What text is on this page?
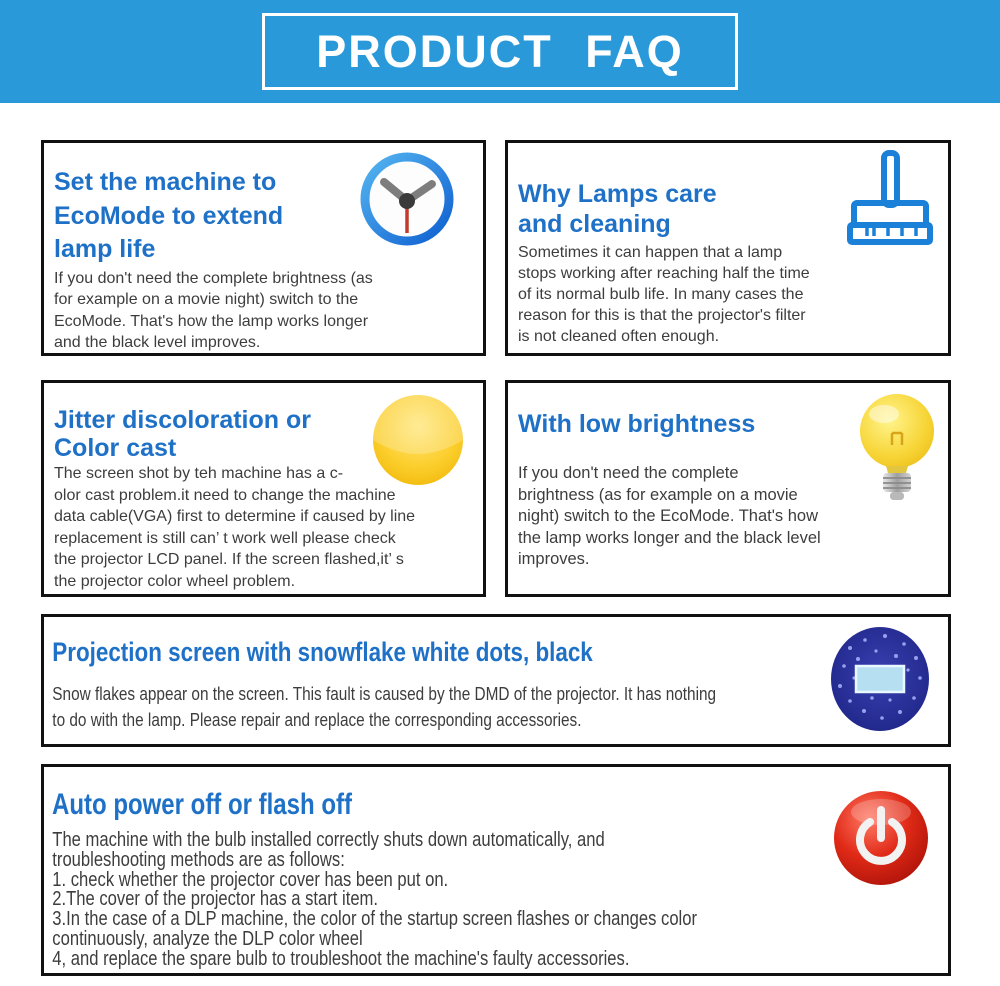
PRODUCT FAQ
Set the machine to
EcoMode to extend
lamp life
If you don't need the complete brightness (as
for example on a movie night) switch to the
EcoMode. That's how the lamp works longer
and the black level improves.
Why Lamps care
and cleaning
Sometimes it can happen that a lamp
stops working after reaching half the time
of its normal bulb life. In many cases the
reason for this is that the projector's filter
is not cleaned often enough.
Jitter discoloration or
Color cast
The screen shot by teh machine has a c-
olor cast problem.it need to change the machine
data cable(VGA) first to determine if caused by line
replacement is still can’ t work well please check
the projector LCD panel. If the screen flashed,it’ s
the projector color wheel problem.
With low brightness
If you don't need the complete
brightness (as for example on a movie
night) switch to the EcoMode. That's how
the lamp works longer and the black level
improves.
Projection screen with snowflake white dots, black
Snow flakes appear on the screen. This fault is caused by the DMD of the projector. It has nothing
to do with the lamp. Please repair and replace the corresponding accessories.
Auto power off or flash off
The machine with the bulb installed correctly shuts down automatically, and
troubleshooting methods are as follows:
1. check whether the projector cover has been put on.
2.The cover of the projector has a start item.
3.In the case of a DLP machine, the color of the startup screen flashes or changes color
continuously, analyze the DLP color wheel
4, and replace the spare bulb to troubleshoot the machine's faulty accessories.
